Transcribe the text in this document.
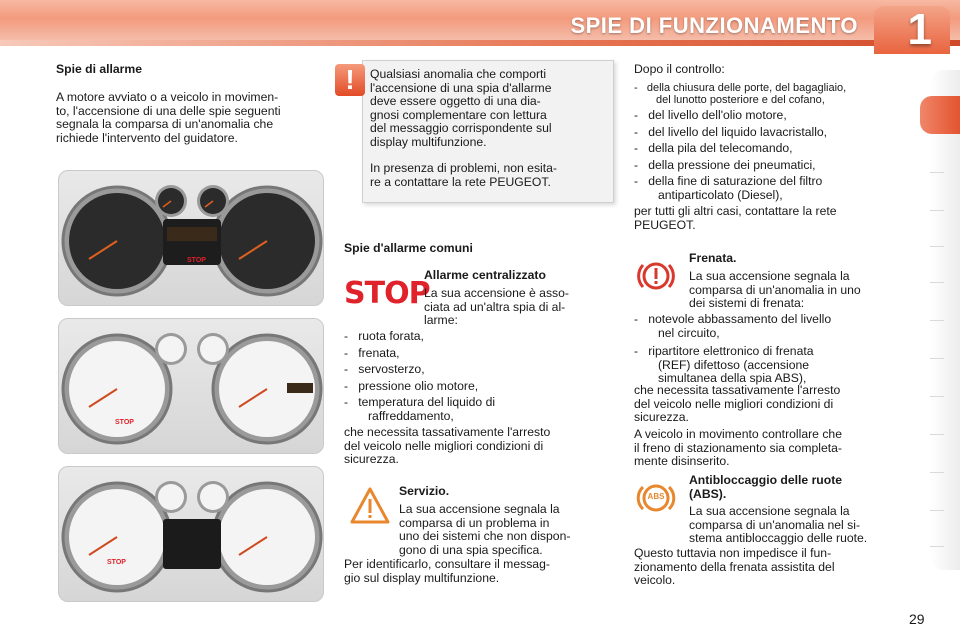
SPIE DI FUNZIONAMENTO 1
Spie di allarme
A motore avviato o a veicolo in movimen-
to, l'accensione di una delle spie seguenti
segnala la comparsa di un'anomalia che
richiede l'intervento del guidatore.
STOP
STOP
STOP
!	Qualsiasi anomalia che comporti
l'accensione di una spia d'allarme
deve essere oggetto di una dia-
gnosi complementare con lettura
del messaggio corrispondente sul
display multifunzione.
In presenza di problemi, non esita-
re a contattare la rete PEUGEOT.
Spie d'allarme comuni
STOP
Allarme centralizzato
La sua accensione è asso-
ciata ad un'altra spia di al-
larme:
-   ruota forata,
-   frenata,
-   servosterzo,
-   pressione olio motore,
-   temperatura del liquido di
raffreddamento,
che necessita tassativamente l'arresto
del veicolo nelle migliori condizioni di
sicurezza.
Servizio.
La sua accensione segnala la
comparsa di un problema in
uno dei sistemi che non dispon-
gono di una spia specifica.
Per identificarlo, consultare il messag-
gio sul display multifunzione.
Dopo il controllo:
-   della chiusura delle porte, del bagagliaio,
del lunotto posteriore e del cofano,
-   del livello dell'olio motore,
-   del livello del liquido lavacristallo,
-   della pila del telecomando,
-   della pressione dei pneumatici,
-   della fine di saturazione del filtro
antiparticolato (Diesel),
per tutti gli altri casi, contattare la rete
PEUGEOT.
Frenata.
La sua accensione segnala la
comparsa di un'anomalia in uno
dei sistemi di frenata:
-   notevole abbassamento del livello
nel circuito,
-   ripartitore elettronico di frenata
(REF) difettoso (accensione
simultanea della spia ABS),
che necessita tassativamente l'arresto
del veicolo nelle migliori condizioni di
sicurezza.
A veicolo in movimento controllare che
il freno di stazionamento sia completa-
mente disinserito.
ABS
Antibloccaggio delle ruote
(ABS).
La sua accensione segnala la
comparsa di un'anomalia nel si-
stema antibloccaggio delle ruote.
Questo tuttavia non impedisce il fun-
zionamento della frenata assistita del
veicolo.
29
